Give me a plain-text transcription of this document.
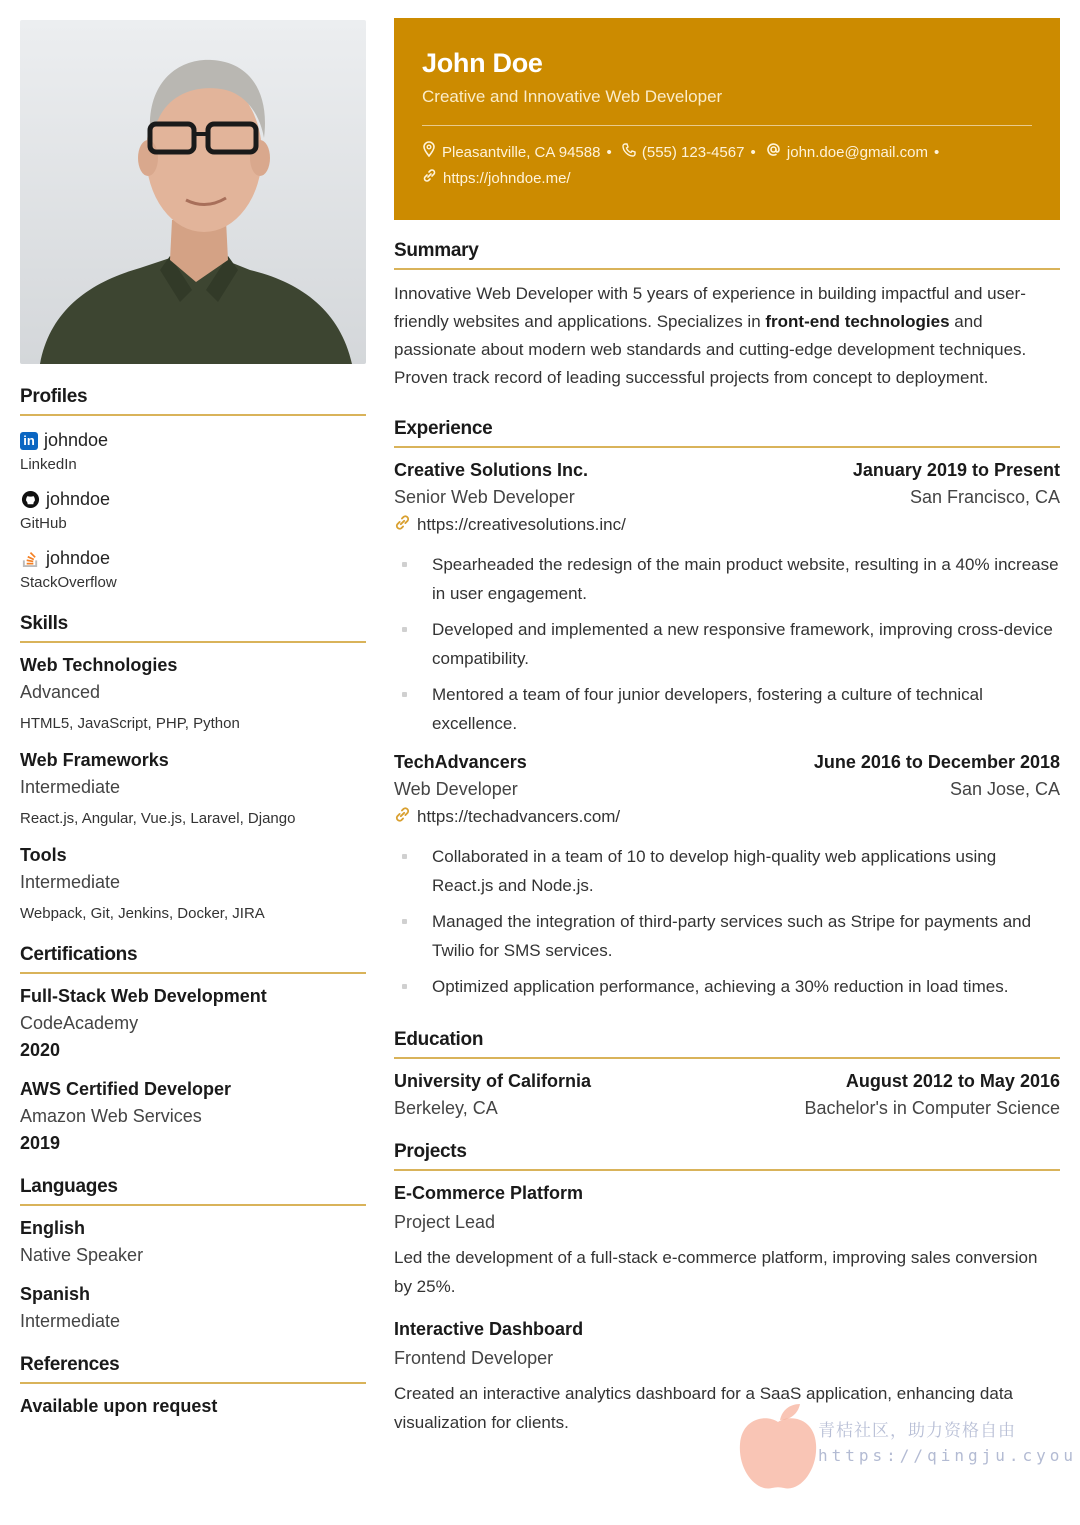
Profiles
in johndoe
LinkedIn
johndoe
GitHub
johndoe
StackOverflow
Skills
Web Technologies
Advanced
HTML5, JavaScript, PHP, Python
Web Frameworks
Intermediate
React.js, Angular, Vue.js, Laravel, Django
Tools
Intermediate
Webpack, Git, Jenkins, Docker, JIRA
Certifications
Full-Stack Web Development
CodeAcademy
2020
AWS Certified Developer
Amazon Web Services
2019
Languages
English
Native Speaker
Spanish
Intermediate
References
Available upon request
John Doe
Creative and Innovative Web Developer
Pleasantville, CA 94588 • (555) 123-4567 • john.doe@gmail.com •

https://johndoe.me/
Summary

Innovative Web Developer with 5 years of experience in building impactful and user-friendly websites and applications. Specializes in front-end technologies and passionate about modern web standards and cutting-edge development techniques. Proven track record of leading successful projects from concept to deployment.

Experience
Creative Solutions Inc.	January 2019 to Present
Senior Web Developer	San Francisco, CA
https://creativesolutions.inc/
Spearheaded the redesign of the main product website, resulting in a 40% increase in user engagement.
Developed and implemented a new responsive framework, improving cross-device compatibility.
Mentored a team of four junior developers, fostering a culture of technical excellence.
TechAdvancers	June 2016 to December 2018
Web Developer	San Jose, CA
https://techadvancers.com/
Collaborated in a team of 10 to develop high-quality web applications using React.js and Node.js.
Managed the integration of third-party services such as Stripe for payments and Twilio for SMS services.
Optimized application performance, achieving a 30% reduction in load times.
Education
University of California	August 2012 to May 2016
Berkeley, CA	Bachelor's in Computer Science
Projects
E-Commerce Platform
Project Lead
Led the development of a full-stack e-commerce platform, improving sales conversion by 25%.
Interactive Dashboard
Frontend Developer
Created an interactive analytics dashboard for a SaaS application, enhancing data visualization for clients.	青桔社区，助力资格自由
https://qingju.cyou
